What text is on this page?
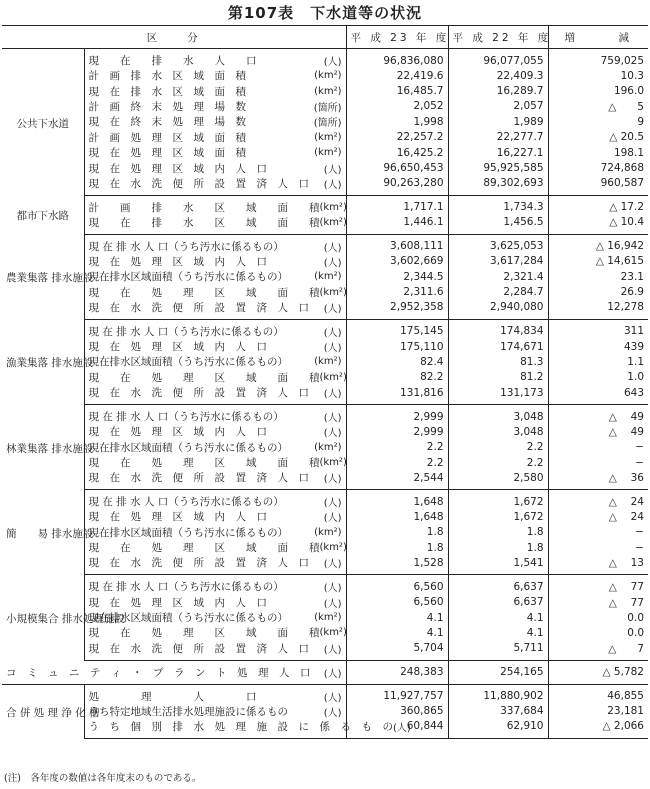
第107表　下水道等の状況
区　　分		平 成 23 年 度	平 成 22 年 度	増　　　減
公共下水道	現　　在　　排　　水　　人　　口 (人)	96,836,080	96,077,055	759,025

	計　画　排　水　区　域　面　積 (km²)	22,419.6	22,409.3	10.3

	現　在　排　水　区　域　面　積 (km²)	16,485.7	16,289.7	196.0

	計　画　終　末　処　理　場　数 (箇所)	2,052	2,057	△　　5

	現　在　終　末　処　理　場　数 (箇所)	1,998	1,989	9

	計　画　処　理　区　域　面　積 (km²)	22,257.2	22,277.7	△ 20.5

	現　在　処　理　区　域　面　積 (km²)	16,425.2	16,227.1	198.1

	現　在　処　理　区　域　内　人　口 (人)	96,650,453	95,925,585	724,868

	現　在　水　洗　便　所　設　置　済　人　口 (人)	90,263,280	89,302,693	960,587
都市下水路	計　　画　　排　　水　　区　　域　　面　　積 (km²)	1,717.1	1,734.3	△ 17.2

	現　　在　　排　　水　　区　　域　　面　　積 (km²)	1,446.1	1,456.5	△ 10.4
農業集落 排水施設	現 在 排 水 人 口（うち汚水に係るもの） (人)	3,608,111	3,625,053	△ 16,942

	現　在　処　理　区　域　内　人　口 (人)	3,602,669	3,617,284	△ 14,615

	現在排水区域面積（うち汚水に係るもの） (km²)	2,344.5	2,321.4	23.1

	現　　在　　処　　理　　区　　域　　面　　積 (km²)	2,311.6	2,284.7	26.9

	現　在　水　洗　便　所　設　置　済　人　口 (人)	2,952,358	2,940,080	12,278
漁業集落 排水施設	現 在 排 水 人 口（うち汚水に係るもの） (人)	175,145	174,834	311

	現　在　処　理　区　域　内　人　口 (人)	175,110	174,671	439

	現在排水区域面積（うち汚水に係るもの） (km²)	82.4	81.3	1.1

	現　　在　　処　　理　　区　　域　　面　　積 (km²)	82.2	81.2	1.0

	現　在　水　洗　便　所　設　置　済　人　口 (人)	131,816	131,173	643
林業集落 排水施設	現 在 排 水 人 口（うち汚水に係るもの） (人)	2,999	3,048	△　 49

	現　在　処　理　区　域　内　人　口 (人)	2,999	3,048	△　 49

	現在排水区域面積（うち汚水に係るもの） (km²)	2.2	2.2	−

	現　　在　　処　　理　　区　　域　　面　　積 (km²)	2.2	2.2	−

	現　在　水　洗　便　所　設　置　済　人　口 (人)	2,544	2,580	△　 36
簡　　易 排水施設	現 在 排 水 人 口（うち汚水に係るもの） (人)	1,648	1,672	△　 24

	現　在　処　理　区　域　内　人　口 (人)	1,648	1,672	△　 24

	現在排水区域面積（うち汚水に係るもの） (km²)	1.8	1.8	−

	現　　在　　処　　理　　区　　域　　面　　積 (km²)	1.8	1.8	−

	現　在　水　洗　便　所　設　置　済　人　口 (人)	1,528	1,541	△　 13
小規模集合 排水処理施設	現 在 排 水 人 口（うち汚水に係るもの） (人)	6,560	6,637	△　 77

	現　在　処　理　区　域　内　人　口 (人)	6,560	6,637	△　 77

	現在排水区域面積（うち汚水に係るもの） (km²)	4.1	4.1	0.0

	現　　在　　処　　理　　区　　域　　面　　積 (km²)	4.1	4.1	0.0

	現　在　水　洗　便　所　設　置　済　人　口 (人)	5,704	5,711	△　　7

コ　ミ　ュ　ニ　テ　ィ　・　プ　ラ　ン　ト　処　理　人　口 (人)		248,383	254,165	△ 5,782
合 併 処 理 浄 化 槽	処　　　　理　　　　人　　　　口 (人)	11,927,757	11,880,902	46,855

	うち特定地域生活排水処理施設に係るもの (人)	360,865	337,684	23,181

	う　ち　個　別　排　水　処　理　施　設　に　係　る　も　の (人)	60,844	62,910	△ 2,066
(注)　各年度の数値は各年度末のものである。
